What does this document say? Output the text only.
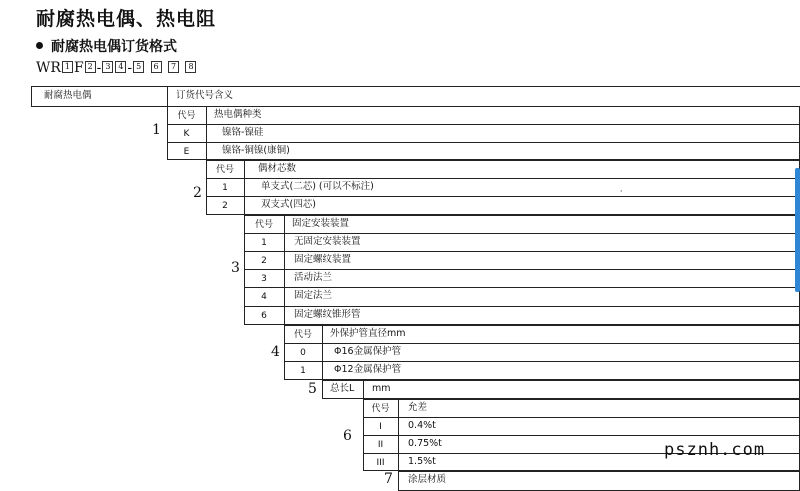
耐腐热电偶、热电阻
耐腐热电偶订货格式
WR 1 F 2 - 3 4 - 5 6 7 8
耐腐热电偶	订货代号含义
1
代号	热电偶种类
K	镍铬-镍硅
E	镍铬-铜镍(康铜)
2
代号	偶材芯数
1	单支式(二芯) (可以不标注)
2	双支式(四芯)
,
3
代号	固定安装装置
1	无固定安装装置
2	固定螺纹装置
3	活动法兰
4	固定法兰
6	固定螺纹锥形管
4
代号	外保护管直径mm
0	Φ16金属保护管
1	Φ12金属保护管
5 总长L mm
6
代号	允差
I	0.4%t
II	0.75%t
III	1.5%t
7 涂层材质
psznh.com
